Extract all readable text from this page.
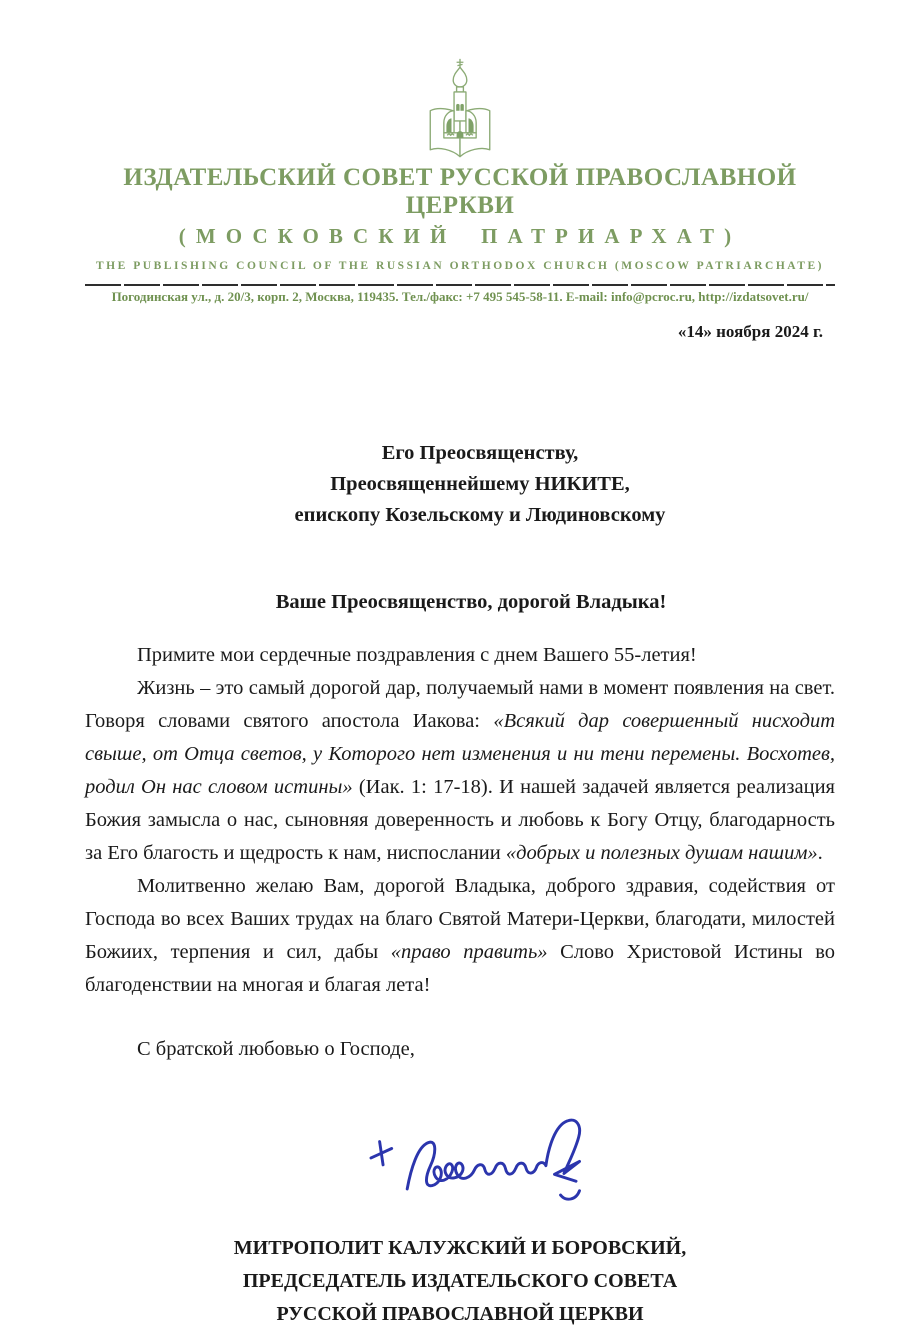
ИЗДАТЕЛЬСКИЙ СОВЕТ РУССКОЙ ПРАВОСЛАВНОЙ ЦЕРКВИ
(МОСКОВСКИЙ ПАТРИАРХАТ)
THE PUBLISHING COUNCIL OF THE RUSSIAN ORTHODOX CHURCH (MOSCOW PATRIARCHATE)
Погодинская ул., д. 20/3, корп. 2, Москва, 119435. Тел./факс: +7 495 545-58-11. E-mail: info@pcroc.ru, http://izdatsovet.ru/
«14» ноября 2024 г.
Его Преосвященству,
Преосвященнейшему НИКИТЕ,
епископу Козельскому и Людиновскому
Ваше Преосвященство, дорогой Владыка!

Примите мои сердечные поздравления с днем Вашего 55-летия!

Жизнь – это самый дорогой дар, получаемый нами в момент появления на свет. Говоря словами святого апостола Иакова: «Всякий дар совершенный нисходит свыше, от Отца светов, у Которого нет изменения и ни тени перемены. Восхотев, родил Он нас словом истины» (Иак. 1: 17-18). И нашей задачей является реализация Божия замысла о нас, сыновняя доверенность и любовь к Богу Отцу, благодарность за Его благость и щедрость к нам, ниспослании «добрых и полезных душам нашим».

Молитвенно желаю Вам, дорогой Владыка, доброго здравия, содействия от Господа во всех Ваших трудах на благо Святой Матери-Церкви, благодати, милостей Божиих, терпения и сил, дабы «право править» Слово Христовой Истины во благоденствии на многая и благая лета!

С братской любовью о Господе,

МИТРОПОЛИТ КАЛУЖСКИЙ И БОРОВСКИЙ,
ПРЕДСЕДАТЕЛЬ ИЗДАТЕЛЬСКОГО СОВЕТА
РУССКОЙ ПРАВОСЛАВНОЙ ЦЕРКВИ
